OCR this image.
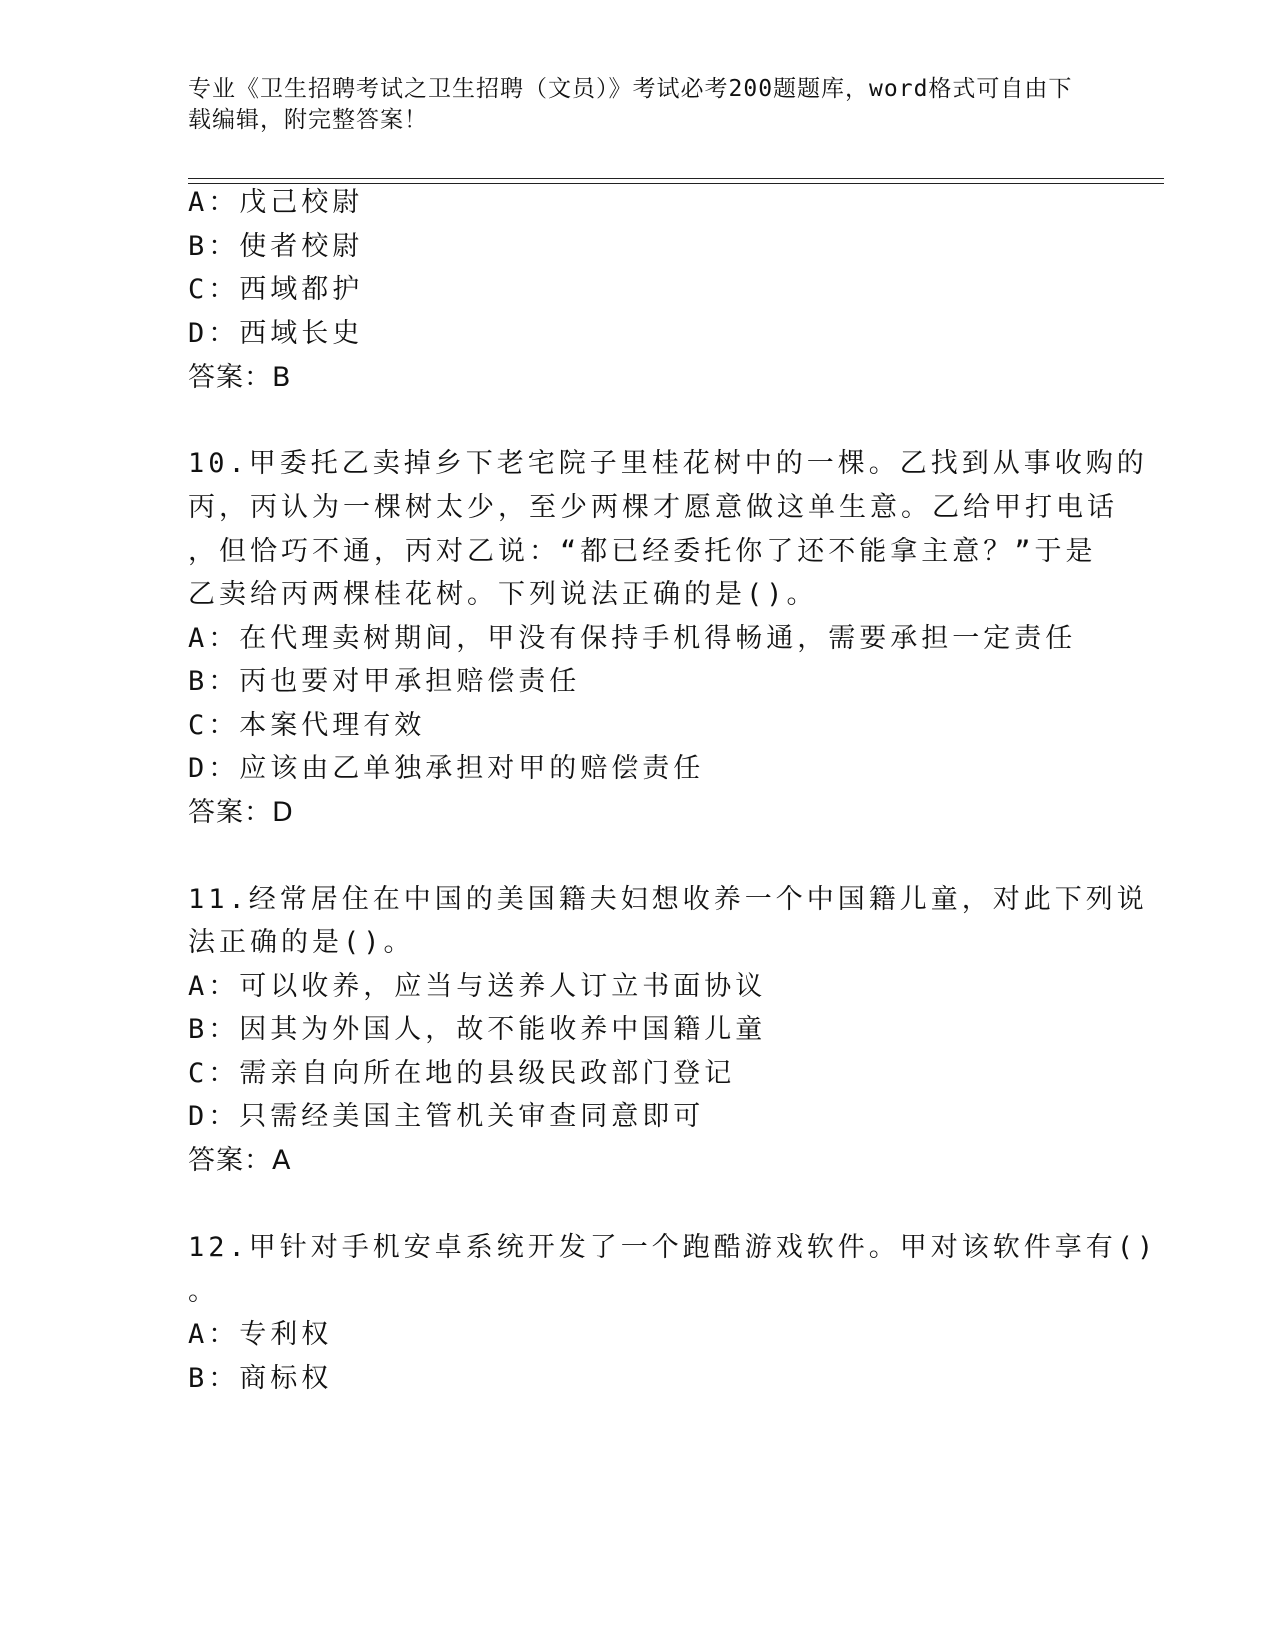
专业《卫生招聘考试之卫生招聘（文员）》考试必考200题题库，word格式可自由下载编辑，附完整答案！
A：戊己校尉
B：使者校尉
C：西域都护
D：西域长史
答案：B
10.甲委托乙卖掉乡下老宅院子里桂花树中的一棵。乙找到从事收购的
丙，丙认为一棵树太少，至少两棵才愿意做这单生意。乙给甲打电话
，但恰巧不通，丙对乙说：“都已经委托你了还不能拿主意？”于是
乙卖给丙两棵桂花树。下列说法正确的是()。
A：在代理卖树期间，甲没有保持手机得畅通，需要承担一定责任
B：丙也要对甲承担赔偿责任
C：本案代理有效
D：应该由乙单独承担对甲的赔偿责任
答案：D
11.经常居住在中国的美国籍夫妇想收养一个中国籍儿童，对此下列说
法正确的是()。
A：可以收养，应当与送养人订立书面协议
B：因其为外国人，故不能收养中国籍儿童
C：需亲自向所在地的县级民政部门登记
D：只需经美国主管机关审查同意即可
答案：A
12.甲针对手机安卓系统开发了一个跑酷游戏软件。甲对该软件享有()
。
A：专利权
B：商标权
